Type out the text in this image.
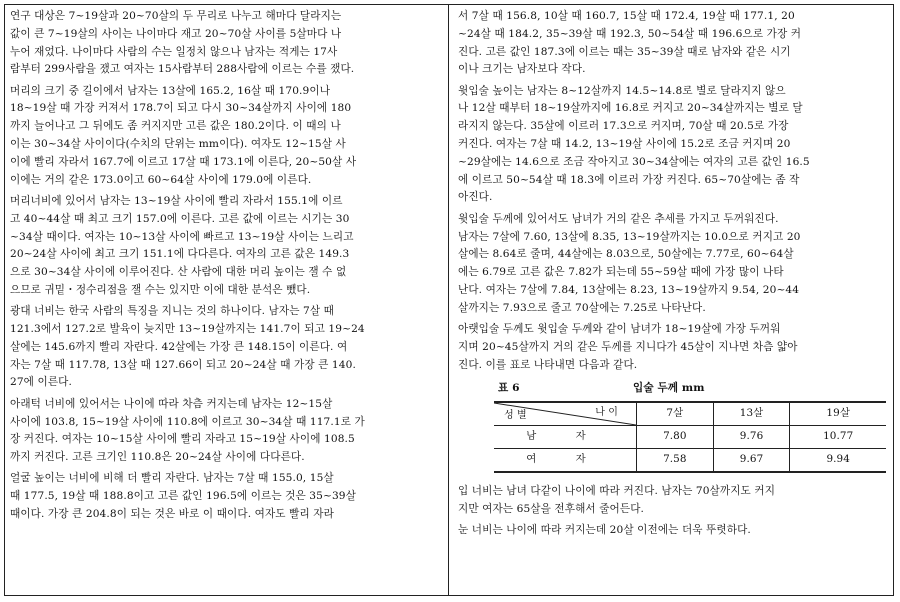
연구 대상은 7~19살과 20~70살의 두 무리로 나누고 해마다 달라지는
값이 큰 7~19살의 사이는 나이마다 재고 20~70살 사이를 5살마다 나
누어 재었다. 나이마다 사람의 수는 일정치 않으나 남자는 적게는 17사
람부터 299사람을 쟀고 여자는 15사람부터 288사람에 이르는 수를 쟀다.

머리의 크기 중 길이에서 남자는 13살에 165.2, 16살 때 170.9이나
18~19살 때 가장 커져서 178.7이 되고 다시 30~34살까지 사이에 180
까지 늘어나고 그 뒤에도 좀 커지지만 고른 값은 180.2이다. 이 때의 나
이는 30~34살 사이이다(수치의 단위는 mm이다). 여자도 12~15살 사
이에 빨리 자라서 167.7에 이르고 17살 때 173.1에 이른다, 20~50살 사
이에는 거의 같은 173.0이고 60~64살 사이에 179.0에 이른다.

머리너비에 있어서 남자는 13~19살 사이에 빨리 자라서 155.1에 이르
고 40~44살 때 최고 크기 157.0에 이른다. 고른 값에 이르는 시기는 30
~34살 때이다. 여자는 10~13살 사이에 빠르고 13~19살 사이는 느리고
20~24살 사이에 최고 크기 151.1에 다다른다. 여자의 고른 값은 149.3
으로 30~34살 사이에 이루어진다. 산 사람에 대한 머리 높이는 잴 수 없
으므로 귀밑・정수리점을 잴 수는 있지만 이에 대한 분석은 뺐다.

광대 너비는 한국 사람의 특징을 지니는 것의 하나이다. 남자는 7살 때
121.3에서 127.2로 발육이 늦지만 13~19살까지는 141.7이 되고 19~24
살에는 145.6까지 빨리 자란다. 42살에는 가장 큰 148.15이 이른다. 여
자는 7살 때 117.78, 13살 때 127.66이 되고 20~24살 때 가장 큰 140.
27에 이른다.

아래턱 너비에 있어서는 나이에 따라 차츰 커지는데 남자는 12~15살
사이에 103.8, 15~19살 사이에 110.8에 이르고 30~34살 때 117.1로 가
장 커진다. 여자는 10~15살 사이에 빨리 자라고 15~19살 사이에 108.5
까지 커진다. 고른 크기인 110.8은 20~24살 사이에 다다른다.

얼굴 높이는 너비에 비해 더 빨리 자란다. 남자는 7살 때 155.0, 15살
때 177.5, 19살 때 188.8이고 고른 값인 196.5에 이르는 것은 35~39살
때이다. 가장 큰 204.8이 되는 것은 바로 이 때이다. 여자도 빨리 자라

서 7살 때 156.8, 10살 때 160.7, 15살 때 172.4, 19살 때 177.1, 20
~24살 때 184.2, 35~39살 때 192.3, 50~54살 때 196.6으로 가장 커
진다. 고른 값인 187.3에 이르는 때는 35~39살 때로 남자와 같은 시기
이나 크기는 남자보다 작다.

윗입술 높이는 남자는 8~12살까지 14.5~14.8로 별로 달라지지 않으
나 12살 때부터 18~19살까지에 16.8로 커지고 20~34살까지는 별로 달
라지지 않는다. 35살에 이르러 17.3으로 커지며, 70살 때 20.5로 가장
커진다. 여자는 7살 때 14.2, 13~19살 사이에 15.2로 조금 커지며 20
~29살에는 14.6으로 조금 작아지고 30~34살에는 여자의 고른 값인 16.5
에 이르고 50~54살 때 18.3에 이르러 가장 커진다. 65~70살에는 좀 작
아진다.

윗입술 두께에 있어서도 남녀가 거의 같은 추세를 가지고 두꺼워진다.
남자는 7살에 7.60, 13살에 8.35, 13~19살까지는 10.0으로 커지고 20
살에는 8.64로 줄며, 44살에는 8.03으로, 50살에는 7.77로, 60~64살
에는 6.79로 고른 값은 7.82가 되는데 55~59살 때에 가장 많이 나타
난다. 여자는 7살에 7.84, 13살에는 8.23, 13~19살까지 9.54, 20~44
살까지는 7.93으로 줄고 70살에는 7.25로 나타난다.

아랫입술 두께도 윗입술 두께와 같이 남녀가 18~19살에 가장 두꺼워
지며 20~45살까지 거의 같은 두께를 지니다가 45살이 지나면 차츰 얇아
진다. 이를 표로 나타내면 다음과 같다.

표 6	입술 두께 mm
나 이
성 별	7살	13살	19살
남 자	7.80	9.76	10.77
여 자	7.58	9.67	9.94

입 너비는 남녀 다같이 나이에 따라 커진다. 남자는 70살까지도 커지
지만 여자는 65살을 전후해서 줄어든다.

눈 너비는 나이에 따라 커지는데 20살 이전에는 더욱 뚜렷하다.
